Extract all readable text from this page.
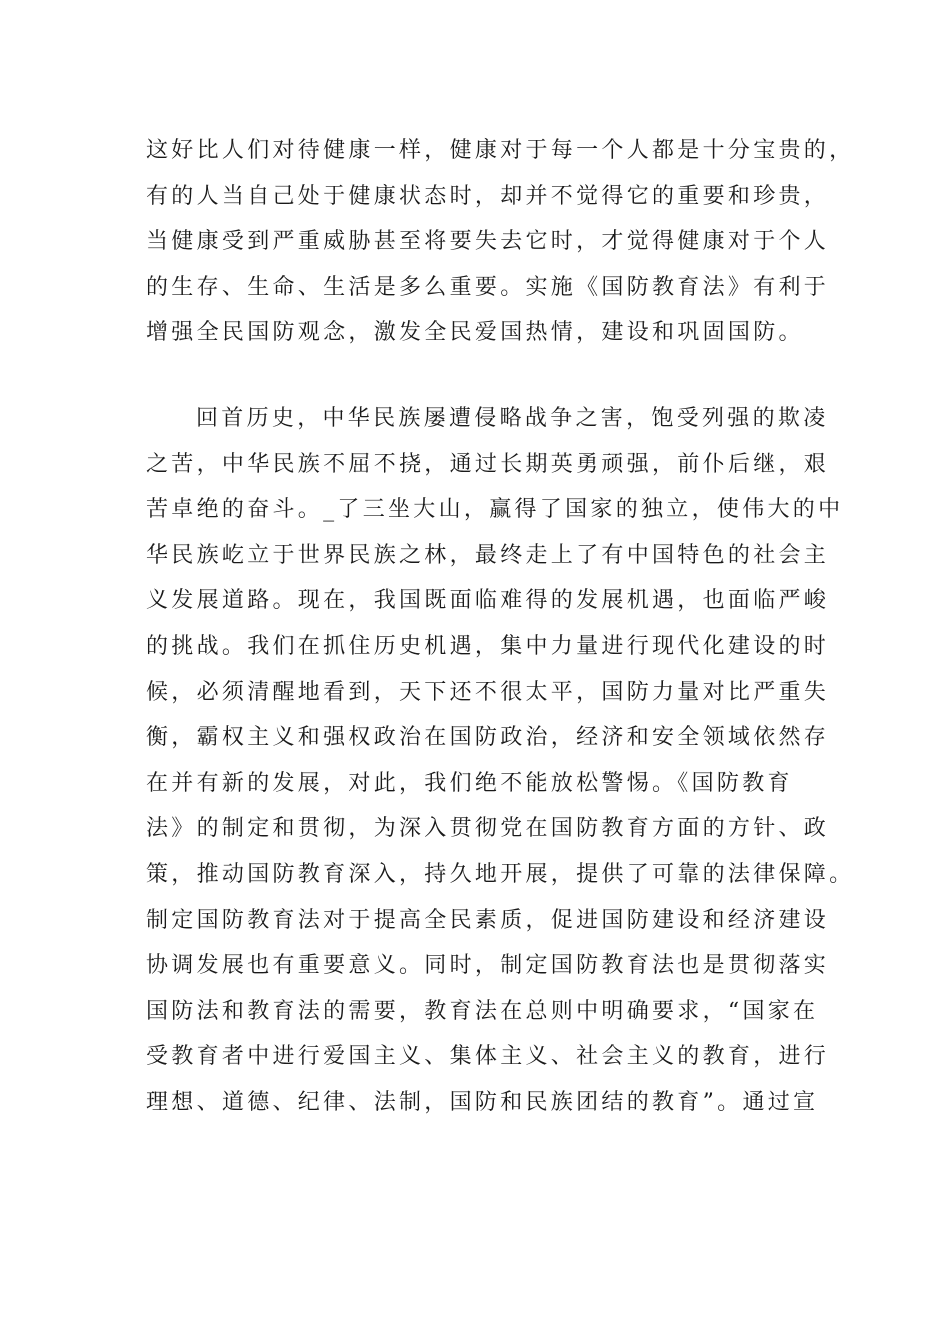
这好比人们对待健康一样，健康对于每一个人都是十分宝贵的，
有的人当自己处于健康状态时，却并不觉得它的重要和珍贵，
当健康受到严重威胁甚至将要失去它时，才觉得健康对于个人
的生存、生命、生活是多么重要。实施《国防教育法》有利于
增强全民国防观念，激发全民爱国热情，建设和巩固国防。
回首历史，中华民族屡遭侵略战争之害，饱受列强的欺凌
之苦，中华民族不屈不挠，通过长期英勇顽强，前仆后继，艰
苦卓绝的奋斗。_了三坐大山，赢得了国家的独立，使伟大的中
华民族屹立于世界民族之林，最终走上了有中国特色的社会主
义发展道路。现在，我国既面临难得的发展机遇，也面临严峻
的挑战。我们在抓住历史机遇，集中力量进行现代化建设的时
候，必须清醒地看到，天下还不很太平，国防力量对比严重失
衡，霸权主义和强权政治在国防政治，经济和安全领域依然存
在并有新的发展，对此，我们绝不能放松警惕。《国防教育
法》的制定和贯彻，为深入贯彻党在国防教育方面的方针、政
策，推动国防教育深入，持久地开展，提供了可靠的法律保障。
制定国防教育法对于提高全民素质，促进国防建设和经济建设
协调发展也有重要意义。同时，制定国防教育法也是贯彻落实
国防法和教育法的需要，教育法在总则中明确要求，“国家在
受教育者中进行爱国主义、集体主义、社会主义的教育，进行
理想、道德、纪律、法制，国防和民族团结的教育”。通过宣
